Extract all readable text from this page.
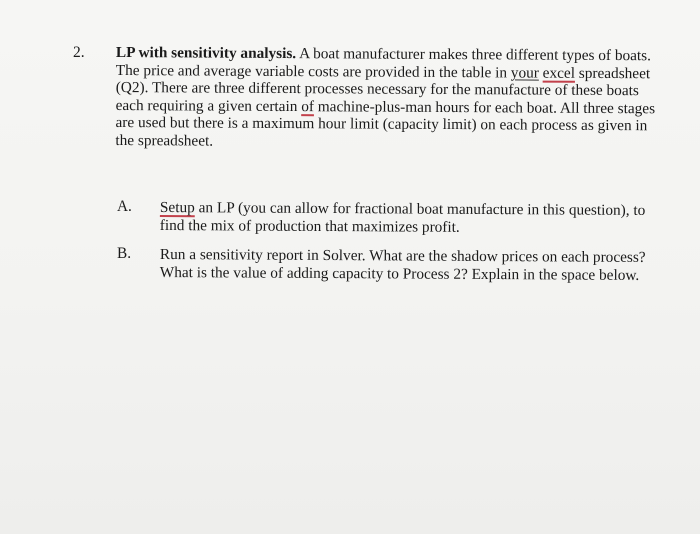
2. LP with sensitivity analysis. A boat manufacturer makes three different types of boats.
The price and average variable costs are provided in the table in your excel spreadsheet
(Q2). There are three different processes necessary for the manufacture of these boats
each requiring a given certain of machine-plus-man hours for each boat. All three stages
are used but there is a maximum hour limit (capacity limit) on each process as given in
the spreadsheet.
A. Setup an LP (you can allow for fractional boat manufacture in this question), to
find the mix of production that maximizes profit.
B. Run a sensitivity report in Solver. What are the shadow prices on each process?
What is the value of adding capacity to Process 2? Explain in the space below.
